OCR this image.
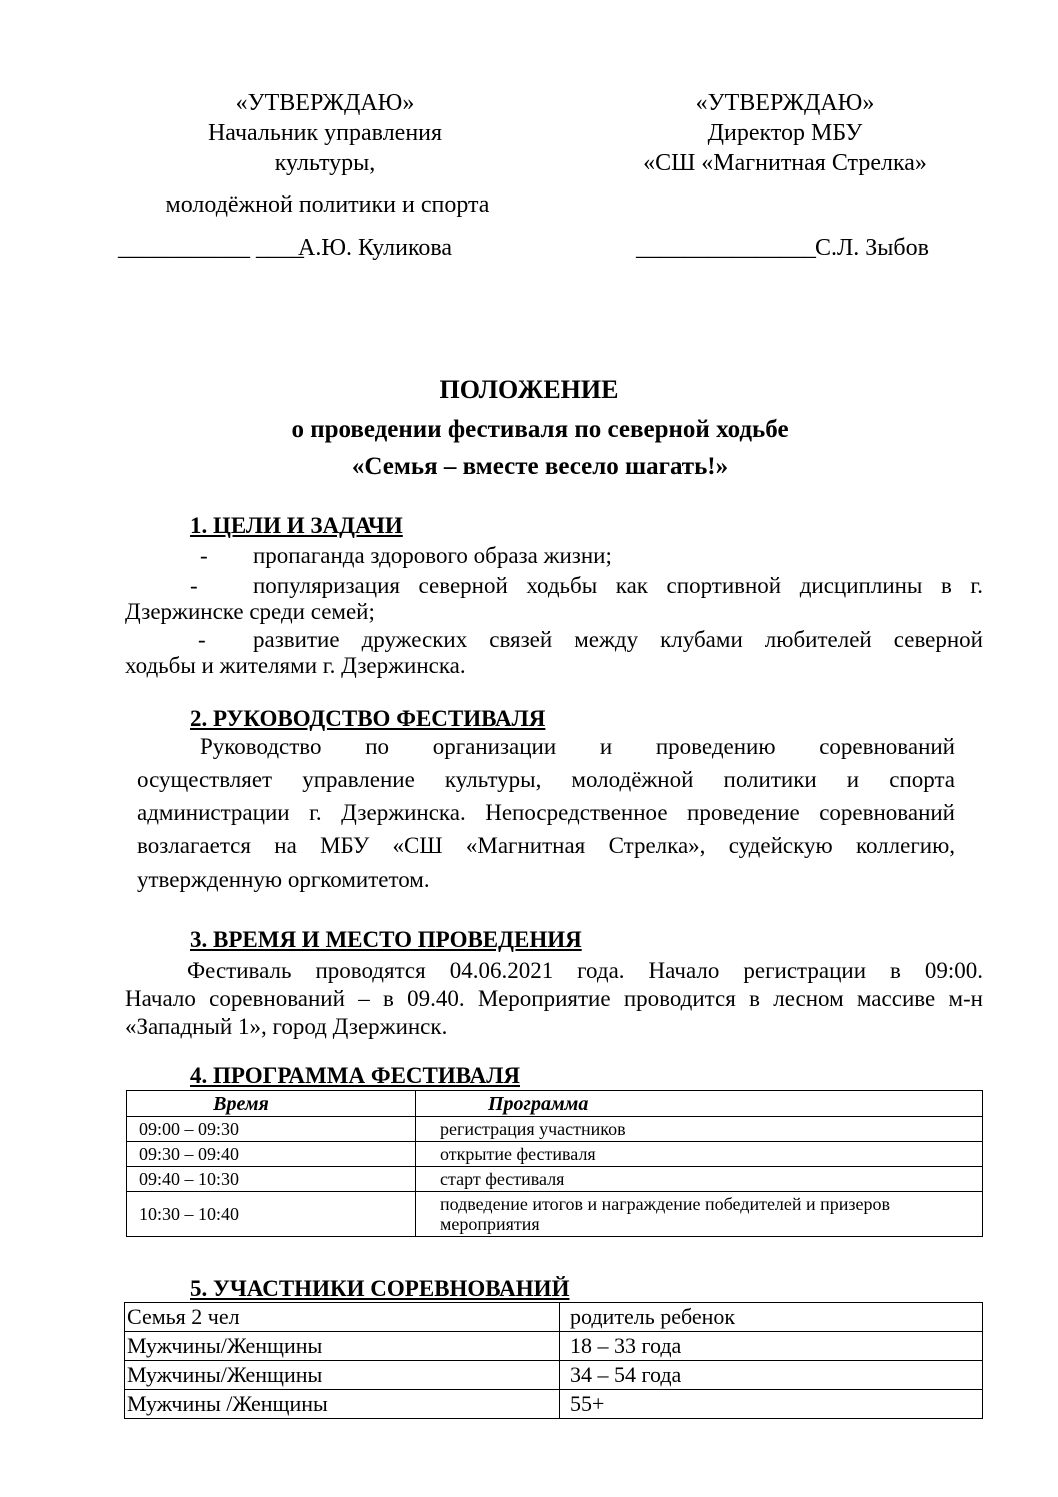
«УТВЕРЖДАЮ»
Начальник управления
культуры,
молодёжной политики и спорта
___________ ____
А.Ю. Куликова
«УТВЕРЖДАЮ»
Директор МБУ
«СШ «Магнитная Стрелка»
_______________ С.Л. Зыбов
ПОЛОЖЕНИЕ
о проведении фестиваля по северной ходьбе
«Семья – вместе весело шагать!»
1. ЦЕЛИ И ЗАДАЧИ
- пропаганда здорового образа жизни;
- популяризация северной ходьбы как спортивной дисциплины в г.
Дзержинске среди семей;
- развитие дружеских связей между клубами любителей северной
ходьбы и жителями г. Дзержинска.
2. РУКОВОДСТВО ФЕСТИВАЛЯ
Руководство по организации и проведению соревнований
осуществляет управление культуры, молодёжной политики и спорта
администрации г. Дзержинска. Непосредственное проведение соревнований
возлагается на МБУ «СШ «Магнитная Стрелка», судейскую коллегию,
утвержденную оргкомитетом.
3. ВРЕМЯ И МЕСТО ПРОВЕДЕНИЯ
Фестиваль проводятся 04.06.2021 года. Начало регистрации в 09:00.
Начало соревнований – в 09.40. Мероприятие проводится в лесном массиве м-н
«Западный 1», город Дзержинск.
4. ПРОГРАММА ФЕСТИВАЛЯ
Время	Программа
09:00 – 09:30	регистрация участников
09:30 – 09:40	открытие фестиваля
09:40 – 10:30	старт фестиваля
10:30 – 10:40	подведение итогов и награждение победителей и призеров
мероприятия
5. УЧАСТНИКИ СОРЕВНОВАНИЙ
Семья 2 чел	родитель ребенок
Мужчины/Женщины	18 – 33 года
Мужчины/Женщины	34 – 54 года
Мужчины /Женщины	55+
